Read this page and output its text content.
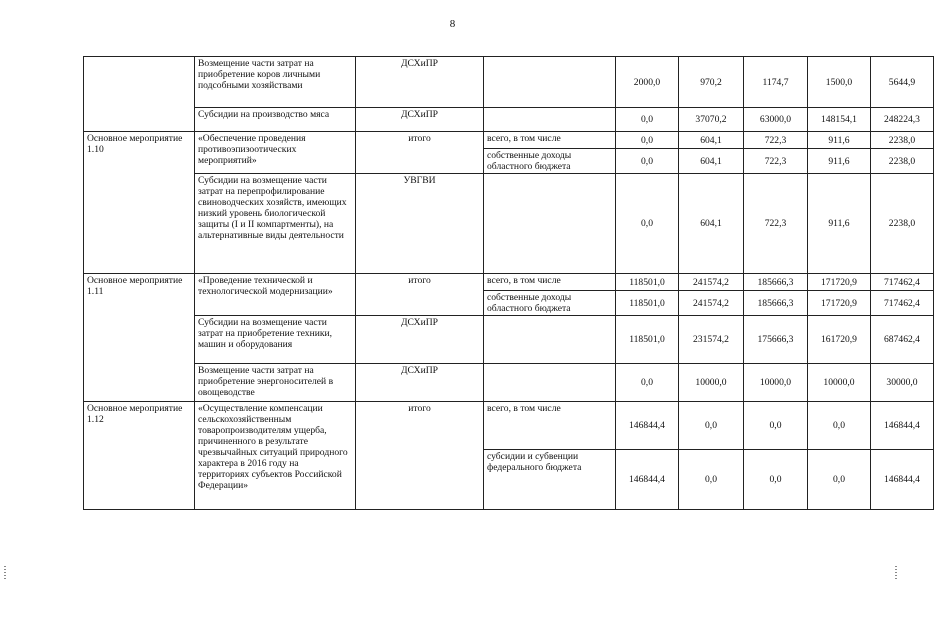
8
	Возмещение части затрат на приобретение коров личными подсобными хозяйствами	ДСХиПР		2000,0	970,2	1174,7	1500,0	5644,9
	Субсидии на производство мяса	ДСХиПР		0,0	37070,2	63000,0	148154,1	248224,3
Основное мероприятие 1.10	«Обеспечение проведения противоэпизоотических мероприятий»	итого	всего, в том числе	0,0	604,1	722,3	911,6	2238,0
			собственные доходы областного бюджета	0,0	604,1	722,3	911,6	2238,0
	Субсидии на возмещение части затрат на перепрофилирование свиноводческих хозяйств, имеющих низкий уровень биологической защиты (I и II компартменты), на альтернативные виды деятельности	УВГВИ		0,0	604,1	722,3	911,6	2238,0
Основное мероприятие 1.11	«Проведение технической и технологической модернизации»	итого	всего, в том числе	118501,0	241574,2	185666,3	171720,9	717462,4
			собственные доходы областного бюджета	118501,0	241574,2	185666,3	171720,9	717462,4
	Субсидии на возмещение части затрат на приобретение техники, машин и оборудования	ДСХиПР		118501,0	231574,2	175666,3	161720,9	687462,4
	Возмещение части затрат на приобретение энергоносителей в овощеводстве	ДСХиПР		0,0	10000,0	10000,0	10000,0	30000,0
Основное мероприятие 1.12	«Осуществление компенсации сельскохозяйственным товаропроизводителям ущерба, причиненного в результате чрезвычайных ситуаций природного характера в 2016 году на территориях субъектов Российской Федерации»	итого	всего, в том числе	146844,4	0,0	0,0	0,0	146844,4
			субсидии и субвенции федерального бюджета	146844,4	0,0	0,0	0,0	146844,4
